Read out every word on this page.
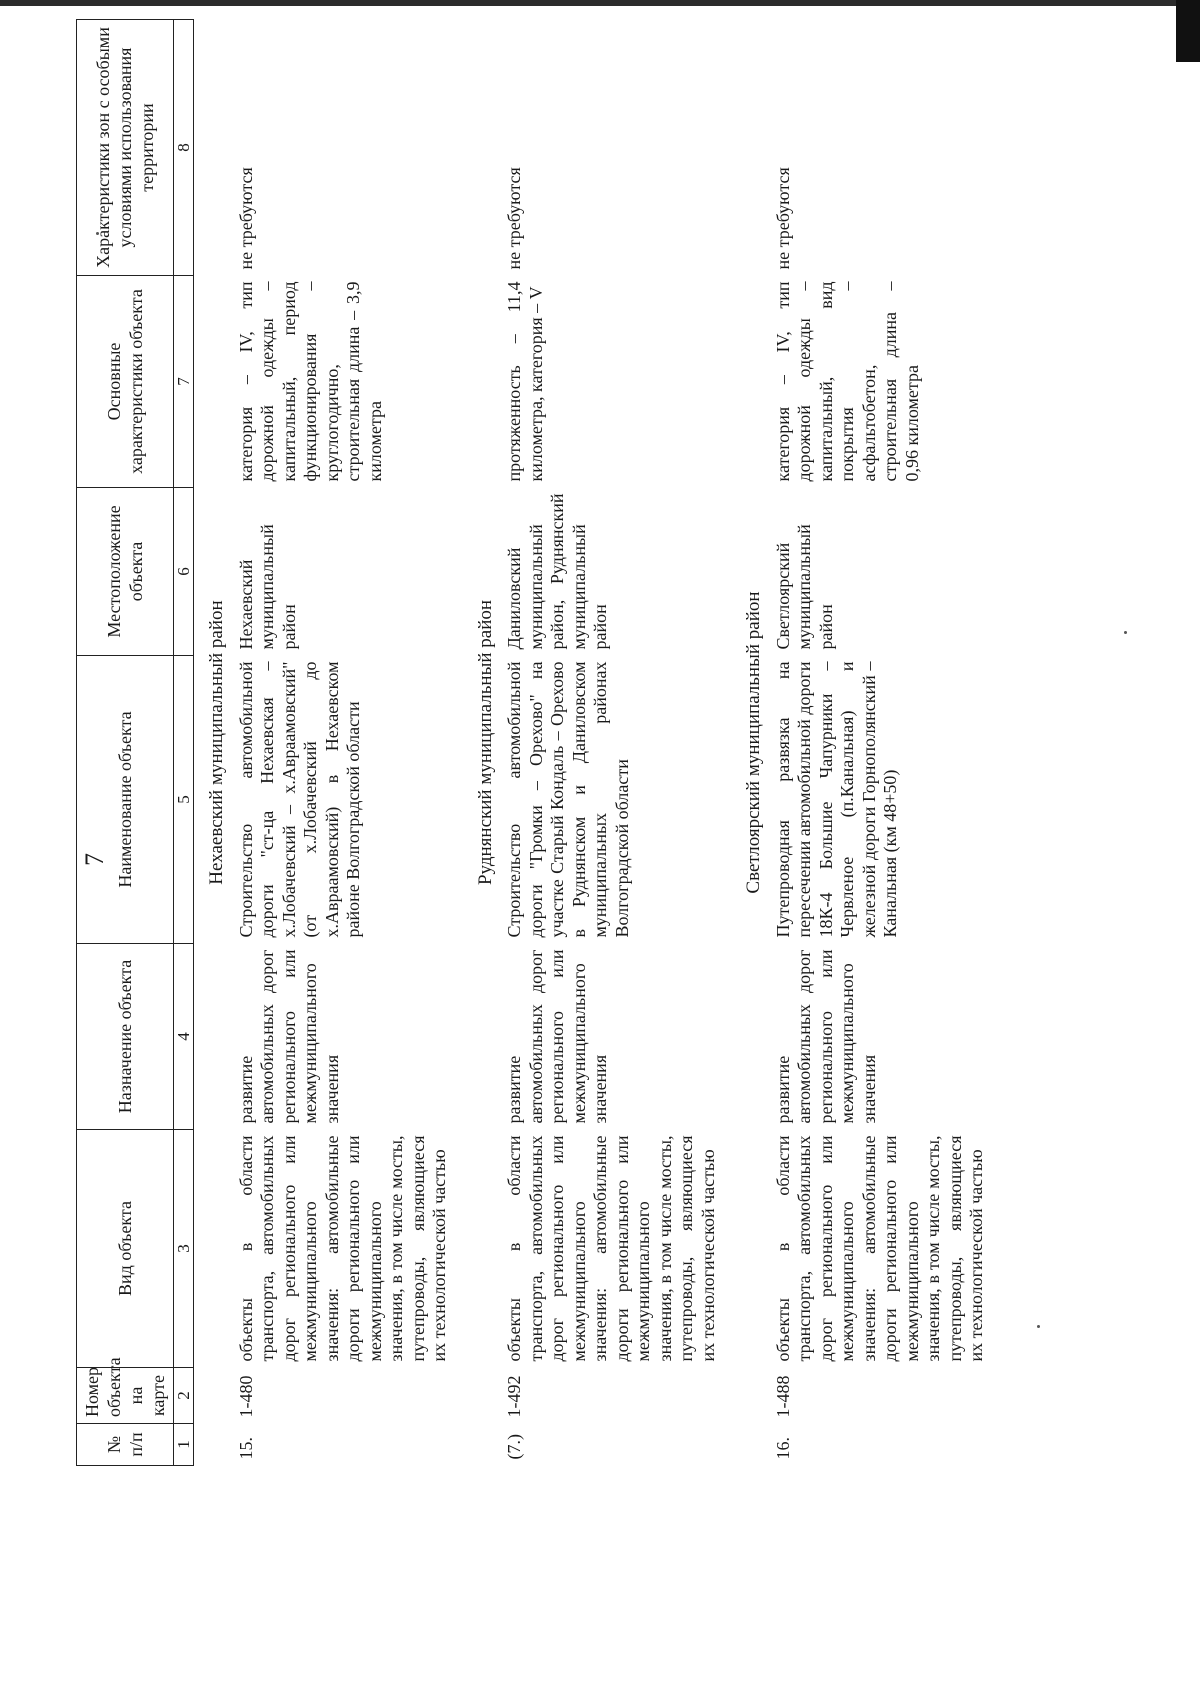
7
№ п/п	Номер объекта на карте	Вид объекта	Назначение объекта	Наименование объекта	Местоположение объекта	Основные характеристики объекта	Характеристики зон с особыми условиями использования территории
1	2	3	4	5	6	7	8
Нехаевский муниципальный район							
15.	1-480	объекты в области транспорта, автомобильных дорог регионального или межмуниципального значения: автомобильные дороги регионального или межмуниципального значения, в том числе мосты, путепроводы, являющиеся их технологической частью	развитие автомобильных дорог регионального или межмуниципального значения	Строительство автомобильной дороги "ст-ца Нехаевская – х.Лобачевский – х.Авраамовский" (от х.Лобачевский до х.Авраамовский) в Нехаевском районе Волгоградской области	Нехаевский муниципальный район	категория – IV, тип дорожной одежды – капитальный, период функционирования – круглогодично, строительная длина – 3,9 километра	не требуются

Руднянский муниципальный район							
(7.)	1-492	объекты в области транспорта, автомобильных дорог регионального или межмуниципального значения: автомобильные дороги регионального или межмуниципального значения, в том числе мосты, путепроводы, являющиеся их технологической частью	развитие автомобильных дорог регионального или межмуниципального значения	Строительство автомобильной дороги "Громки – Орехово" на участке Старый Кондаль – Орехово в Руднянском и Даниловском муниципальных районах Волгоградской области	Даниловский муниципальный район, Руднянский муниципальный район	протяженность – 11,4 километра, категория – V	не требуются

Светлоярский муниципальный район							
16.	1-488	объекты в области транспорта, автомобильных дорог регионального или межмуниципального значения: автомобильные дороги регионального или межмуниципального значения, в том числе мосты, путепроводы, являющиеся их технологической частью	развитие автомобильных дорог регионального или межмуниципального значения	Путепроводная развязка на пересечении автомобильной дороги 18К-4 Большие Чапурники – Червленое (п.Канальная) и железной дороги Горнополянский – Канальная (км 48+50)	Светлоярский муниципальный район	категория – IV, тип дорожной одежды – капитальный, вид покрытия – асфальтобетон, строительная длина – 0,96 километра	не требуются
